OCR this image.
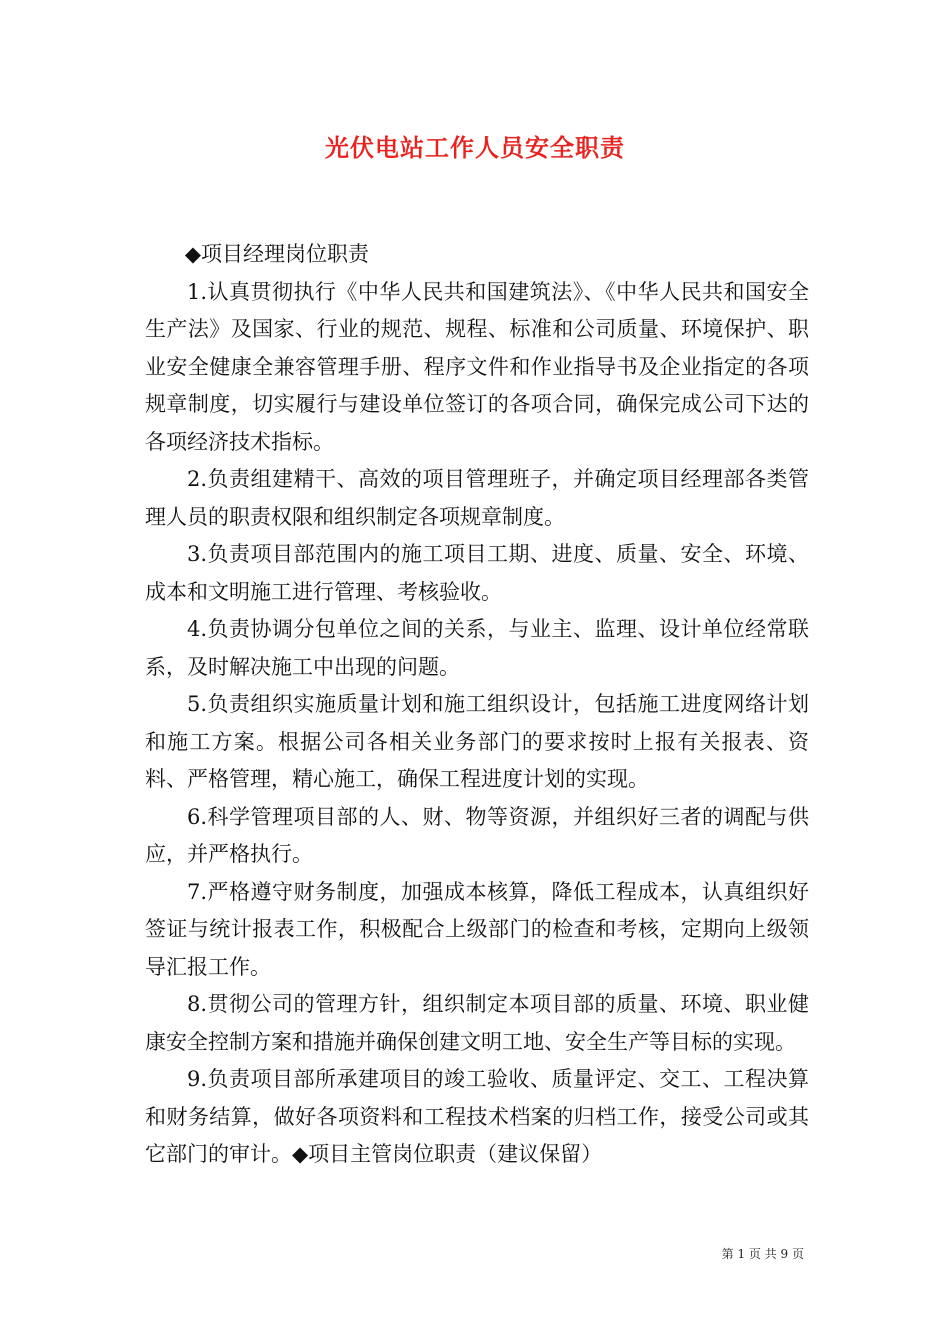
光伏电站工作人员安全职责

◆项目经理岗位职责

1.认真贯彻执行《中华人民共和国建筑法》、《中华人民共和国安全生产法》及国家、行业的规范、规程、标准和公司质量、环境保护、职业安全健康全兼容管理手册、程序文件和作业指导书及企业指定的各项规章制度，切实履行与建设单位签订的各项合同，确保完成公司下达的各项经济技术指标。

2.负责组建精干、高效的项目管理班子，并确定项目经理部各类管理人员的职责权限和组织制定各项规章制度。

3.负责项目部范围内的施工项目工期、进度、质量、安全、环境、成本和文明施工进行管理、考核验收。

4.负责协调分包单位之间的关系，与业主、监理、设计单位经常联系，及时解决施工中出现的问题。

5.负责组织实施质量计划和施工组织设计，包括施工进度网络计划和施工方案。根据公司各相关业务部门的要求按时上报有关报表、资料、严格管理，精心施工，确保工程进度计划的实现。

6.科学管理项目部的人、财、物等资源，并组织好三者的调配与供应，并严格执行。

7.严格遵守财务制度，加强成本核算，降低工程成本，认真组织好签证与统计报表工作，积极配合上级部门的检查和考核，定期向上级领导汇报工作。

8.贯彻公司的管理方针，组织制定本项目部的质量、环境、职业健康安全控制方案和措施并确保创建文明工地、安全生产等目标的实现。

9.负责项目部所承建项目的竣工验收、质量评定、交工、工程决算和财务结算，做好各项资料和工程技术档案的归档工作，接受公司或其它部门的审计。◆项目主管岗位职责（建议保留）

第 1 页 共 9 页
